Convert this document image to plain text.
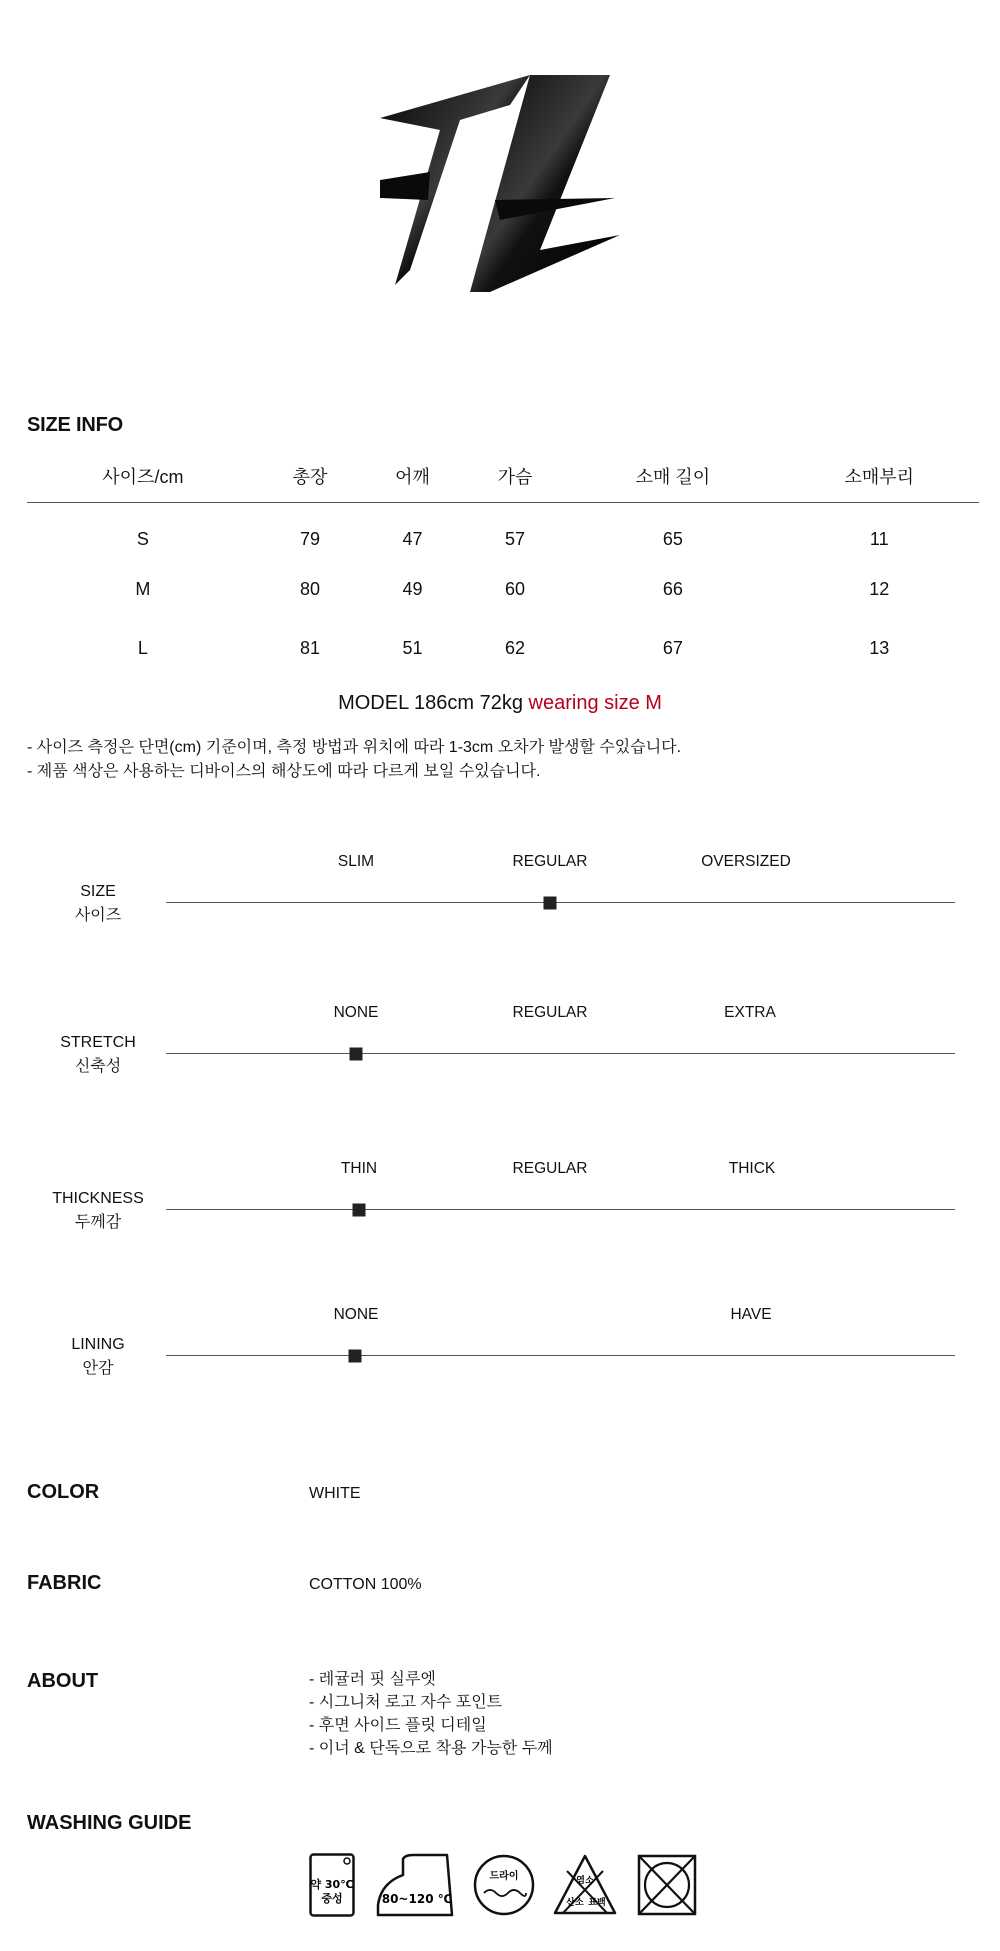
SIZE INFO
사이즈/cm	총장	어깨	가슴	소매 길이	소매부리
S	79	47	57	65	11
M	80	49	60	66	12
L	81	51	62	67	13
MODEL 186cm 72kg wearing size M
- 사이즈 측정은 단면(cm) 기준이며, 측정 방법과 위치에 따라 1-3cm 오차가 발생할 수있습니다.
- 제품 색상은 사용하는 디바이스의 해상도에 따라 다르게 보일 수있습니다.
SIZE
사이즈
SLIM	REGULAR	OVERSIZED
STRETCH
신축성
NONE	REGULAR	EXTRA
THICKNESS
두께감
THIN	REGULAR	THICK
LINING
안감
NONE	HAVE
COLOR	WHITE
FABRIC	COTTON 100%
ABOUT	- 레귤러 핏 실루엣
- 시그니처 로고 자수 포인트
- 후면 사이드 플릿 디테일
- 이너 & 단독으로 착용 가능한 두께
WASHING GUIDE
약 30℃
중성	80~120 ℃
드라이	염소
산소 표백
